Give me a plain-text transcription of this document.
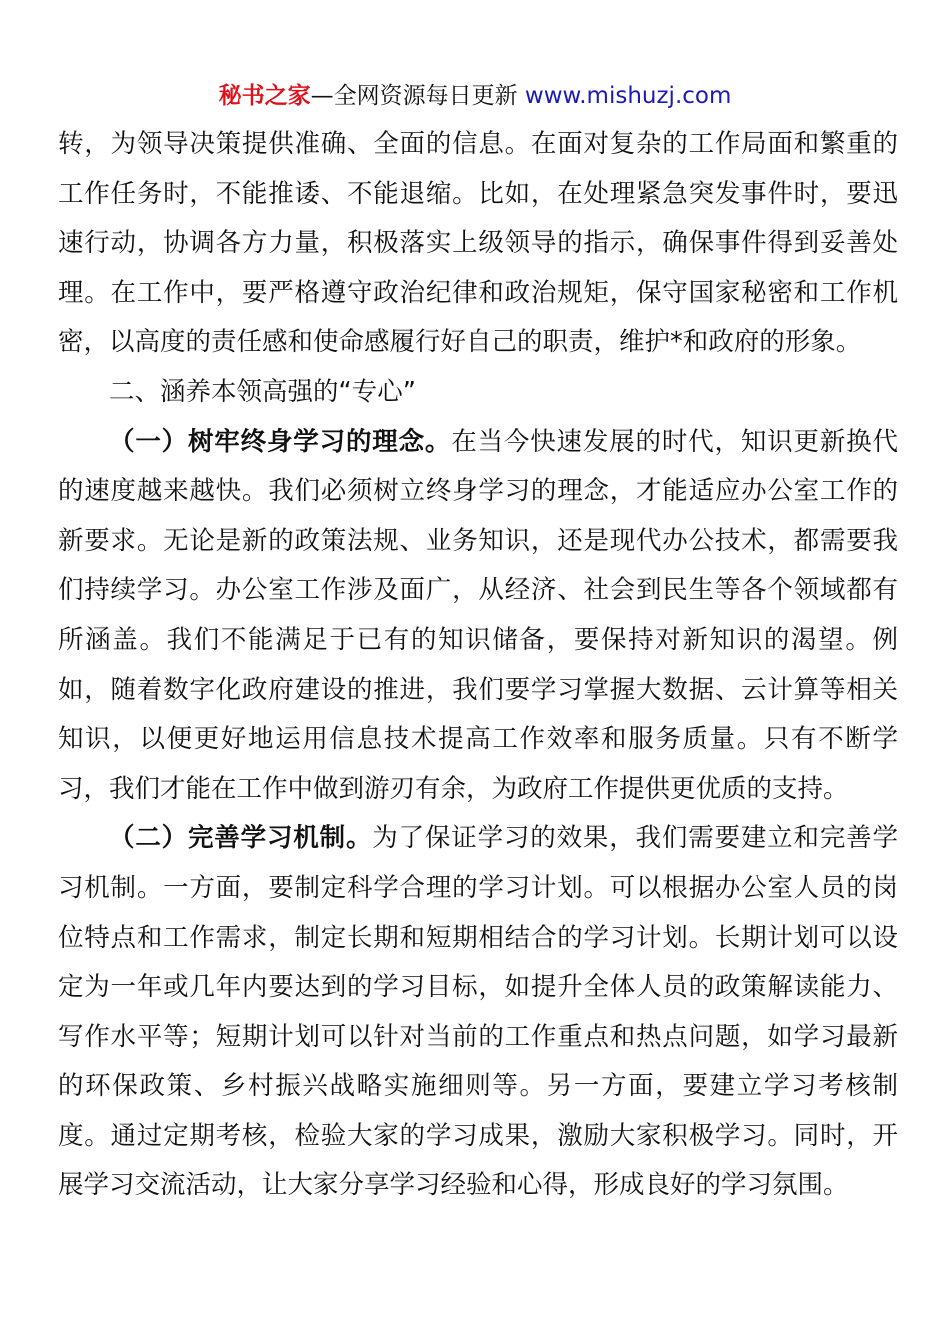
秘书之家—全网资源每日更新 www.mishuzj.com

转，为领导决策提供准确、全面的信息。在面对复杂的工作局面和繁重的工作任务时，不能推诿、不能退缩。比如，在处理紧急突发事件时，要迅速行动，协调各方力量，积极落实上级领导的指示，确保事件得到妥善处理。在工作中，要严格遵守政治纪律和政治规矩，保守国家秘密和工作机密，以高度的责任感和使命感履行好自己的职责，维护*和政府的形象。

二、涵养本领高强的“专心”

（一）树牢终身学习的理念。在当今快速发展的时代，知识更新换代的速度越来越快。我们必须树立终身学习的理念，才能适应办公室工作的新要求。无论是新的政策法规、业务知识，还是现代办公技术，都需要我们持续学习。办公室工作涉及面广，从经济、社会到民生等各个领域都有所涵盖。我们不能满足于已有的知识储备，要保持对新知识的渴望。例如，随着数字化政府建设的推进，我们要学习掌握大数据、云计算等相关知识，以便更好地运用信息技术提高工作效率和服务质量。只有不断学习，我们才能在工作中做到游刃有余，为政府工作提供更优质的支持。

（二）完善学习机制。为了保证学习的效果，我们需要建立和完善学习机制。一方面，要制定科学合理的学习计划。可以根据办公室人员的岗位特点和工作需求，制定长期和短期相结合的学习计划。长期计划可以设定为一年或几年内要达到的学习目标，如提升全体人员的政策解读能力、写作水平等；短期计划可以针对当前的工作重点和热点问题，如学习最新的环保政策、乡村振兴战略实施细则等。另一方面，要建立学习考核制度。通过定期考核，检验大家的学习成果，激励大家积极学习。同时，开展学习交流活动，让大家分享学习经验和心得，形成良好的学习氛围。
